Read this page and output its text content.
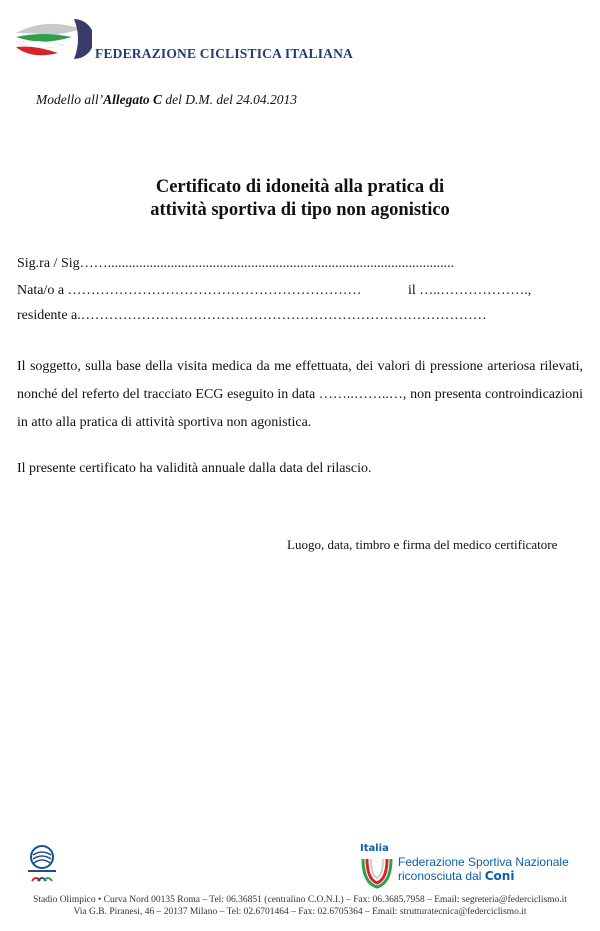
FEDERAZIONE CICLISTICA ITALIANA
Modello all’Allegato C del D.M. del 24.04.2013
Certificato di idoneità alla pratica di
attività sportiva di tipo non agonistico
Sig.ra / Sig……...................................................................................................
Nata/o a ………………………………………………………	il …..……………….,
residente a.……………………………………………………………………………
Il soggetto, sulla base della visita medica da me effettuata, dei valori di pressione arteriosa rilevati, nonché del referto del tracciato ECG eseguito in data ……..……..…, non presenta controindicazioni in atto alla pratica di attività sportiva non agonistica.
Il presente certificato ha validità annuale dalla data del rilascio.
Luogo, data, timbro e firma del medico certificatore
Italia
Federazione Sportiva Nazionale
riconosciuta dal Coni
Stadio Olimpico • Curva Nord 00135 Roma – Tel: 06.36851 (centralino C.O.N.I.) – Fax: 06.3685.7958 – Email: segreteria@federciclismo.it
Via G.B. Piranesi, 46 – 20137 Milano – Tel: 02.6701464 – Fax: 02.6705364 – Email: strutturatecnica@federciclismo.it
